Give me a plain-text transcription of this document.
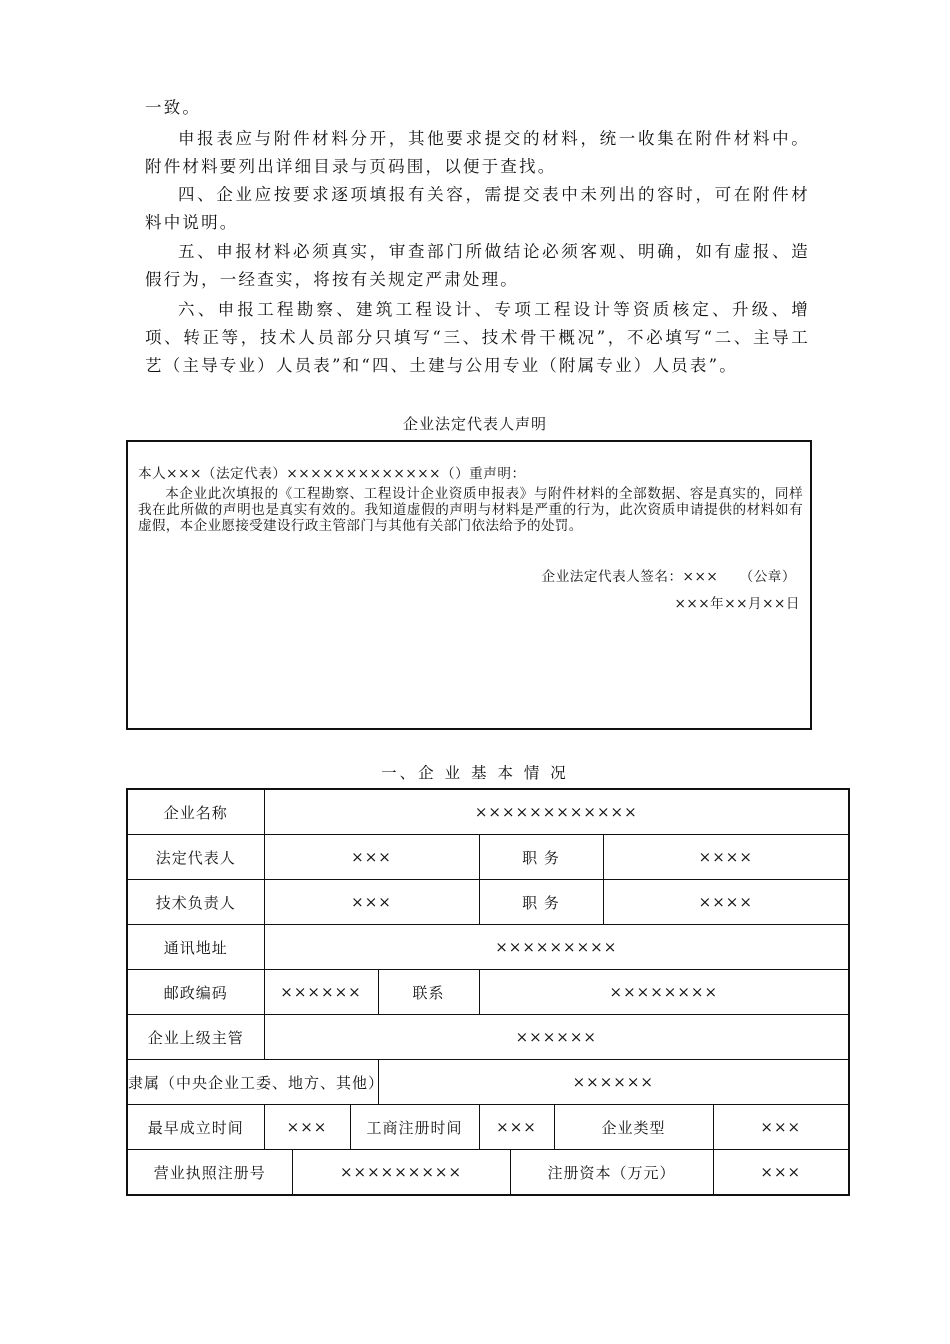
一致。

申报表应与附件材料分开，其他要求提交的材料，统一收集在附件材料中。附件材料要列出详细目录与页码围，以便于查找。

四、企业应按要求逐项填报有关容，需提交表中未列出的容时，可在附件材料中说明。

五、申报材料必须真实，审查部门所做结论必须客观、明确，如有虚报、造假行为，一经查实，将按有关规定严肃处理。

六、申报工程勘察、建筑工程设计、专项工程设计等资质核定、升级、增项、转正等，技术人员部分只填写“三、技术骨干概况”，不必填写“二、主导工艺（主导专业）人员表”和“四、土建与公用专业（附属专业）人员表”。

企业法定代表人声明
本人×××（法定代表）×××××××××××××（）重声明：
本企业此次填报的《工程勘察、工程设计企业资质申报表》与附件材料的全部数据、容是真实的，同样我在此所做的声明也是真实有效的。我知道虚假的声明与材料是严重的行为，此次资质申请提供的材料如有虚假，本企业愿接受建设行政主管部门与其他有关部门依法给予的处罚。
企业法定代表人签名：×××　　（公章）
×××年××月××日
一、企 业 基 本 情 况
企业名称	××××××××××××								
法定代表人	×××				职 务			××××	
技术负责人	×××				职 务			××××	
通讯地址	×××××××××								
邮政编码	××××××			联系	××××××××				
企业上级主管	××××××								
隶属（中央企业工委、地方、其他）				××××××					
最早成立时间	×××		工商注册时间		×××		企业类型		×××
营业执照注册号		×××××××××				注册资本（万元）			×××
